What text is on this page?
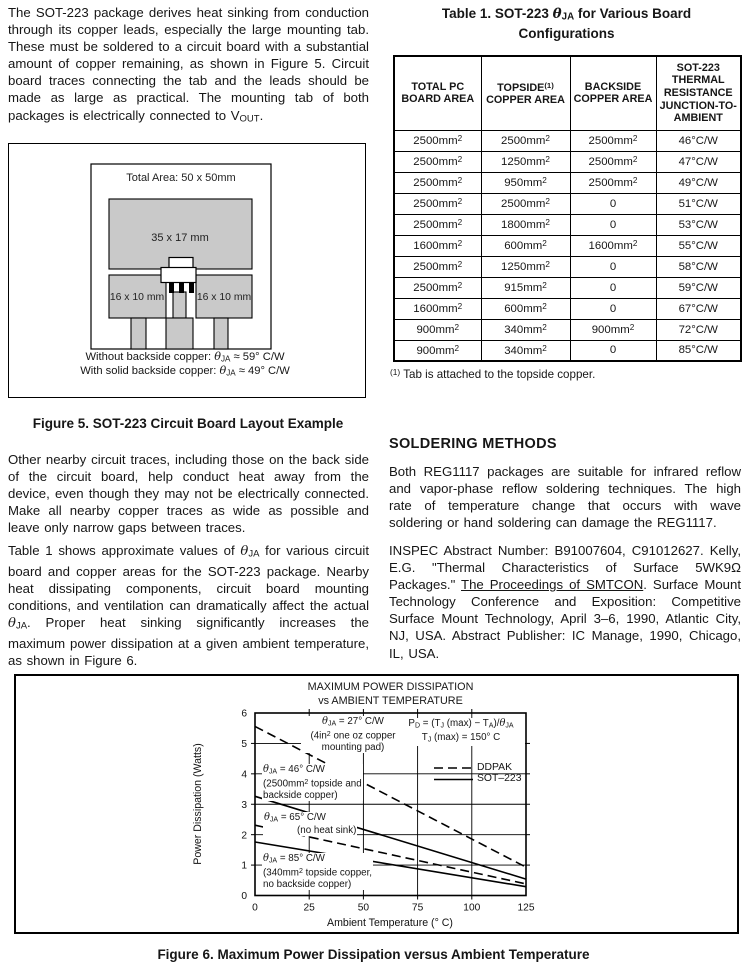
The SOT-223 package derives heat sinking from conduction through its copper leads, especially the large mounting tab. These must be soldered to a circuit board with a substantial amount of copper remaining, as shown in Figure 5. Circuit board traces connecting the tab and the leads should be made as large as practical. The mounting tab of both packages is electrically connected to $V_{OUT}$.

Total Area: 50 x 50mm
35 x 17 mm
16 x 10 mm	16 x 10 mm
Without backside copper: $\theta_{JA} \approx 59^\circ$ C/W
With solid backside copper: $\theta_{JA} \approx 49^\circ$ C/W
Figure 5. SOT-223 Circuit Board Layout Example

Other nearby circuit traces, including those on the back side of the circuit board, help conduct heat away from the device, even though they may not be electrically connected. Make all nearby copper traces as wide as possible and leave only narrow gaps between traces.

Table 1 shows approximate values of $\theta_{JA}$ for various circuit board and copper areas for the SOT-223 package. Nearby heat dissipating components, circuit board mounting conditions, and ventilation can dramatically affect the actual $\theta_{JA}$. Proper heat sinking significantly increases the maximum power dissipation at a given ambient temperature, as shown in Figure 6.

Table 1. SOT-223 $\theta_{JA}$ for Various Board Configurations
TOTAL PC BOARD AREA	TOPSIDE$^{(1)}$ COPPER AREA	BACKSIDE COPPER AREA	SOT-223 THERMAL RESISTANCE JUNCTION-TO-AMBIENT
$2500mm^2$	$2500mm^2$	$2500mm^2$	46°C/W
$2500mm^2$	$1250mm^2$	$2500mm^2$	47°C/W
$2500mm^2$	$950mm^2$	$2500mm^2$	49°C/W
$2500mm^2$	$2500mm^2$	0	51°C/W
$2500mm^2$	$1800mm^2$	0	53°C/W
$1600mm^2$	$600mm^2$	$1600mm^2$	55°C/W
$2500mm^2$	$1250mm^2$	0	58°C/W
$2500mm^2$	$915mm^2$	0	59°C/W
$1600mm^2$	$600mm^2$	0	67°C/W
$900mm^2$	$340mm^2$	$900mm^2$	72°C/W
$900mm^2$	$340mm^2$	0	85°C/W
$^{(1)}$ Tab is attached to the topside copper.
SOLDERING METHODS

Both REG1117 packages are suitable for infrared reflow and vapor-phase reflow soldering techniques. The high rate of temperature change that occurs with wave soldering or hand soldering can damage the REG1117.

INSPEC Abstract Number: B91007604, C91012627. Kelly, E.G. "Thermal Characteristics of Surface 5WK9Ω Packages." The Proceedings of SMTCON. Surface Mount Technology Conference and Exposition: Competitive Surface Mount Technology, April 3–6, 1990, Atlantic City, NJ, USA. Abstract Publisher: IC Manage, 1990, Chicago, IL, USA.

MAXIMUM POWER DISSIPATION
vs AMBIENT TEMPERATURE
0	25	50	75	100	125
0
1
2
3
4
5
6
Power Dissipation (Watts)
Ambient Temperature (° C)
$\theta_{JA} = 27^\circ$ C/W
($4in^2$ one oz copper
mounting pad)
$P_D = (T_J$ $(\max) - T_A)/\theta_{JA}$
$T_J$ (max) = 150° C
$\theta_{JA} = 46^\circ$ C/W
($2500mm^2$ topside and
backside copper)
$\theta_{JA} = 65^\circ$ C/W
(no heat sink)
$\theta_{JA} = 85^\circ$ C/W
($340mm^2$ topside copper,
no backside copper)
DDPAK
SOT–223
Figure 6. Maximum Power Dissipation versus Ambient Temperature
